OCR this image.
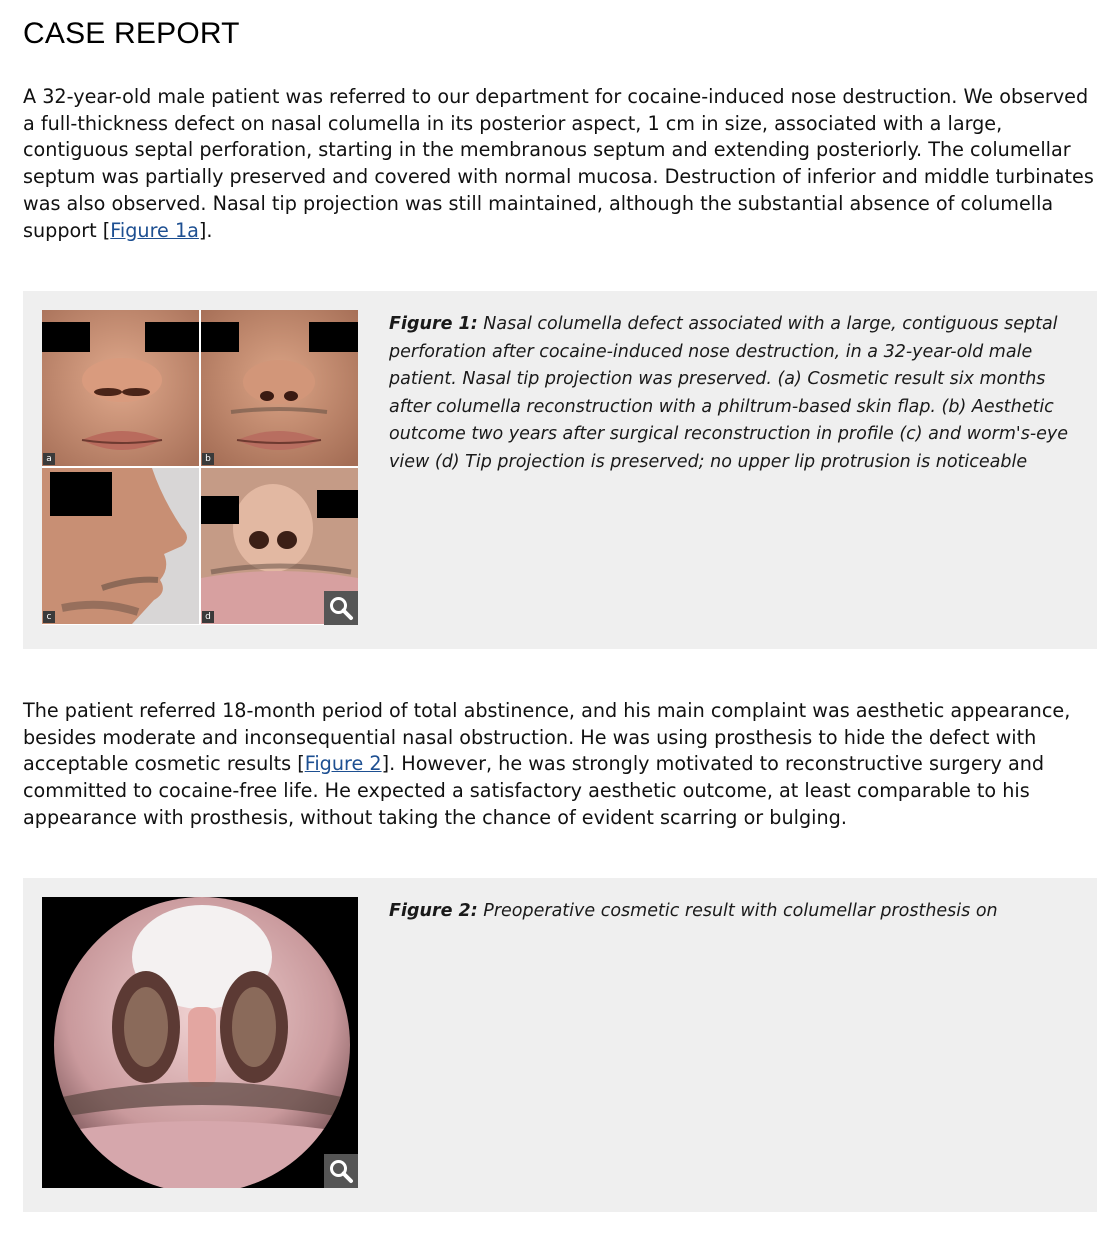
CASE REPORT

A 32-year-old male patient was referred to our department for cocaine-induced nose destruction. We observed a full-thickness defect on nasal columella in its posterior aspect, 1 cm in size, associated with a large, contiguous septal perforation, starting in the membranous septum and extending posteriorly. The columellar septum was partially preserved and covered with normal mucosa. Destruction of inferior and middle turbinates was also observed. Nasal tip projection was still maintained, although the substantial absence of columella support [Figure 1a].

a	b
c	d

Figure 1: Nasal columella defect associated with a large, contiguous septal perforation after cocaine-induced nose destruction, in a 32-year-old male patient. Nasal tip projection was preserved. (a) Cosmetic result six months after columella reconstruction with a philtrum-based skin flap. (b) Aesthetic outcome two years after surgical reconstruction in profile (c) and worm's-eye view (d) Tip projection is preserved; no upper lip protrusion is noticeable

The patient referred 18-month period of total abstinence, and his main complaint was aesthetic appearance, besides moderate and inconsequential nasal obstruction. He was using prosthesis to hide the defect with acceptable cosmetic results [Figure 2]. However, he was strongly motivated to reconstructive surgery and committed to cocaine-free life. He expected a satisfactory aesthetic outcome, at least comparable to his appearance with prosthesis, without taking the chance of evident scarring or bulging.

Figure 2: Preoperative cosmetic result with columellar prosthesis on
